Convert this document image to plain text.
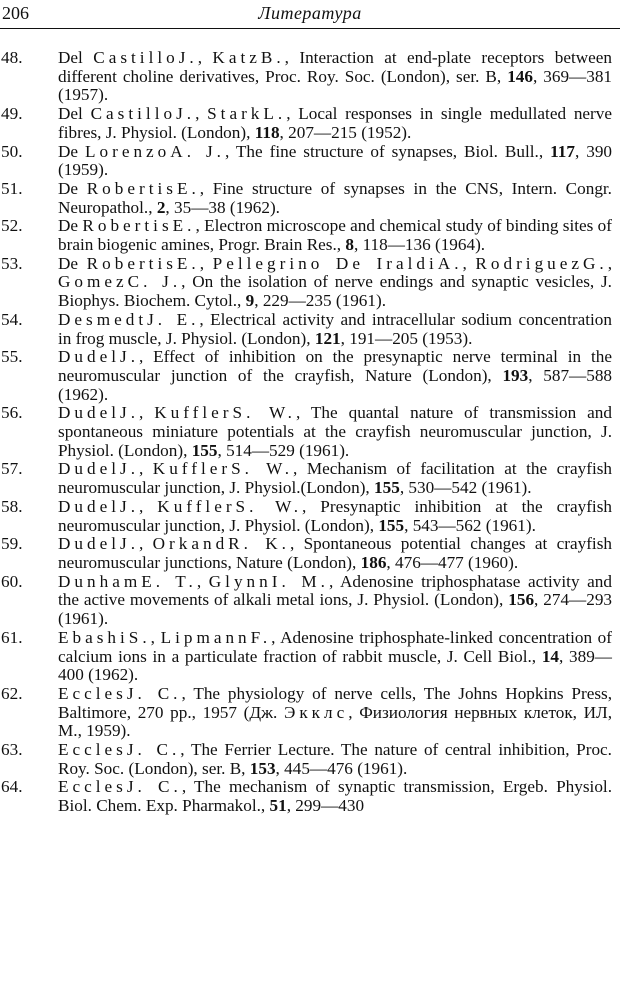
206	Литература
48. Del CastilloJ., KatzB., Interaction at end-plate receptors between different choline derivatives, Proc. Roy. Soc. (London), ser. B, 146, 369—381 (1957).
49. Del CastilloJ., StarkL., Local responses in single medullated nerve fibres, J. Physiol. (London), 118, 207—215 (1952).
50. De LorenzoA. J., The fine structure of synapses, Biol. Bull., 117, 390 (1959).
51. De RobertisE., Fine structure of synapses in the CNS, Intern. Congr. Neuropathol., 2, 35—38 (1962).
52. De RobertisE., Electron microscope and chemical study of binding sites of brain biogenic amines, Progr. Brain Res., 8, 118—136 (1964).
53. De RobertisE., Pellegrino De IraldiA., RodriguezG., GomezC. J., On the isolation of nerve endings and synaptic vesicles, J. Biophys. Biochem. Cytol., 9, 229—235 (1961).
54. DesmedtJ. E., Electrical activity and intracellular sodium concentration in frog muscle, J. Physiol. (London), 121, 191—205 (1953).
55. DudelJ., Effect of inhibition on the presynaptic nerve terminal in the neuromuscular junction of the crayfish, Nature (London), 193, 587—588 (1962).
56. DudelJ., KufflerS. W., The quantal nature of transmission and spontaneous miniature potentials at the crayfish neuromuscular junction, J. Physiol. (London), 155, 514—529 (1961).
57. DudelJ., KufflerS. W., Mechanism of facilitation at the crayfish neuromuscular junction, J. Physiol.(London), 155, 530—542 (1961).
58. DudelJ., KufflerS. W., Presynaptic inhibition at the crayfish neuromuscular junction, J. Physiol. (London), 155, 543—562 (1961).
59. DudelJ., OrkandR. K., Spontaneous potential changes at crayfish neuromuscular junctions, Nature (London), 186, 476—477 (1960).
60. DunhamE. T., GlynnI. M., Adenosine triphosphatase activity and the active movements of alkali metal ions, J. Physiol. (London), 156, 274—293 (1961).
61. EbashiS., LipmannF., Adenosine triphosphate-linked concentration of calcium ions in a particulate fraction of rabbit muscle, J. Cell Biol., 14, 389—400 (1962).
62. EcclesJ. C., The physiology of nerve cells, The Johns Hopkins Press, Baltimore, 270 pp., 1957 (Дж. Экклс, Физиология нервных клеток, ИЛ, М., 1959).
63. EcclesJ. C., The Ferrier Lecture. The nature of central inhibition, Proc. Roy. Soc. (London), ser. B, 153, 445—476 (1961).
64. EcclesJ. C., The mechanism of synaptic transmission, Ergeb. Physiol. Biol. Chem. Exp. Pharmakol., 51, 299—430
